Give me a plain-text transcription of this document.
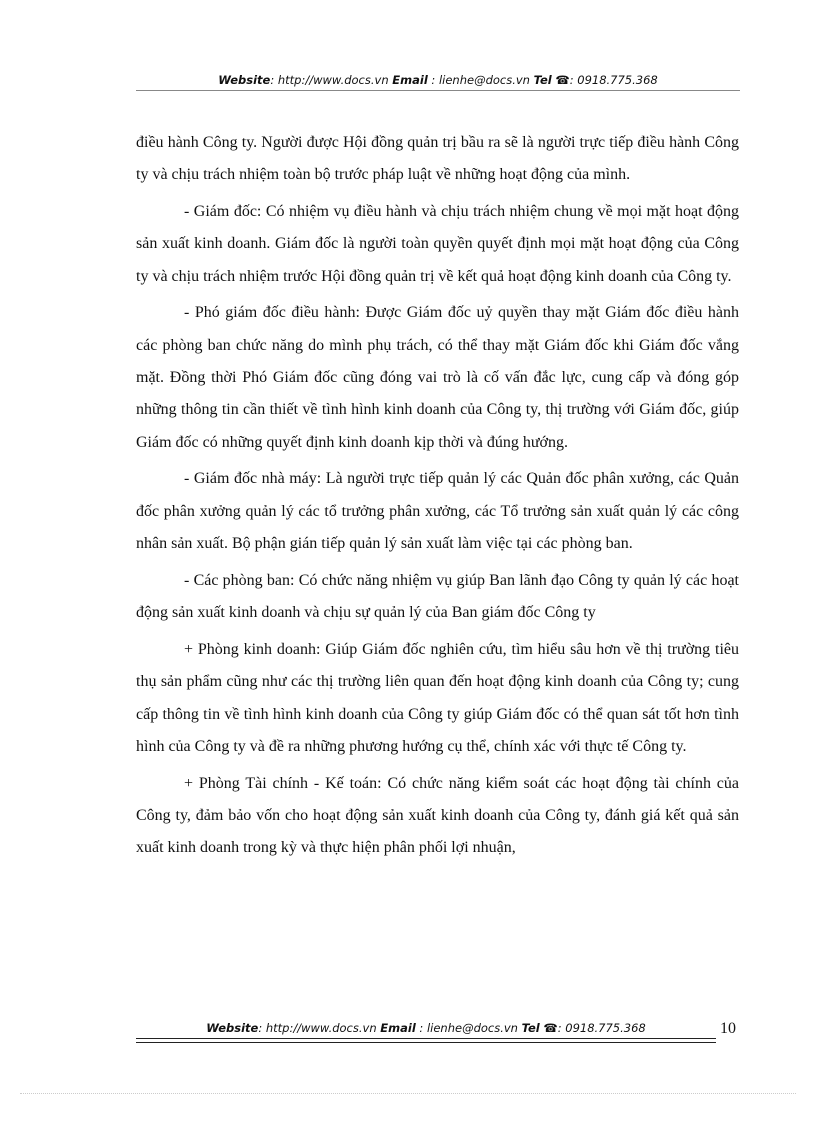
Website: http://www.docs.vn Email : lienhe@docs.vn Tel ☎: 0918.775.368

điều hành Công ty. Người được Hội đồng quản trị bầu ra sẽ là người trực tiếp điều hành Công ty và chịu trách nhiệm toàn bộ trước pháp luật về những hoạt động của mình.

- Giám đốc: Có nhiệm vụ điều hành và chịu trách nhiệm chung về mọi mặt hoạt động sản xuất kinh doanh. Giám đốc là người toàn quyền quyết định mọi mặt hoạt động của Công ty và chịu trách nhiệm trước Hội đồng quản trị về kết quả hoạt động kinh doanh của Công ty.

- Phó giám đốc điều hành: Được Giám đốc uỷ quyền thay mặt Giám đốc điều hành các phòng ban chức năng do mình phụ trách, có thể thay mặt Giám đốc khi Giám đốc vắng mặt. Đồng thời Phó Giám đốc cũng đóng vai trò là cố vấn đắc lực, cung cấp và đóng góp những thông tin cần thiết về tình hình kinh doanh của Công ty, thị trường với Giám đốc, giúp Giám đốc có những quyết định kinh doanh kịp thời và đúng hướng.

- Giám đốc nhà máy: Là người trực tiếp quản lý các Quản đốc phân xưởng, các Quản đốc phân xưởng quản lý các tổ trưởng phân xưởng, các Tổ trưởng sản xuất quản lý các công nhân sản xuất. Bộ phận gián tiếp quản lý sản xuất làm việc tại các phòng ban.

- Các phòng ban: Có chức năng nhiệm vụ giúp Ban lãnh đạo Công ty quản lý các hoạt động sản xuất kinh doanh và chịu sự quản lý của Ban giám đốc Công ty

+ Phòng kinh doanh: Giúp Giám đốc nghiên cứu, tìm hiểu sâu hơn về thị trường tiêu thụ sản phẩm cũng như các thị trường liên quan đến hoạt động kinh doanh của Công ty; cung cấp thông tin về tình hình kinh doanh của Công ty giúp Giám đốc có thể quan sát tốt hơn tình hình của Công ty và đề ra những phương hướng cụ thể, chính xác với thực tế Công ty.

+ Phòng Tài chính - Kế toán: Có chức năng kiểm soát các hoạt động tài chính của Công ty, đảm bảo vốn cho hoạt động sản xuất kinh doanh của Công ty, đánh giá kết quả sản xuất kinh doanh trong kỳ và thực hiện phân phối lợi nhuận,

Website: http://www.docs.vn Email : lienhe@docs.vn Tel ☎: 0918.775.368	10
